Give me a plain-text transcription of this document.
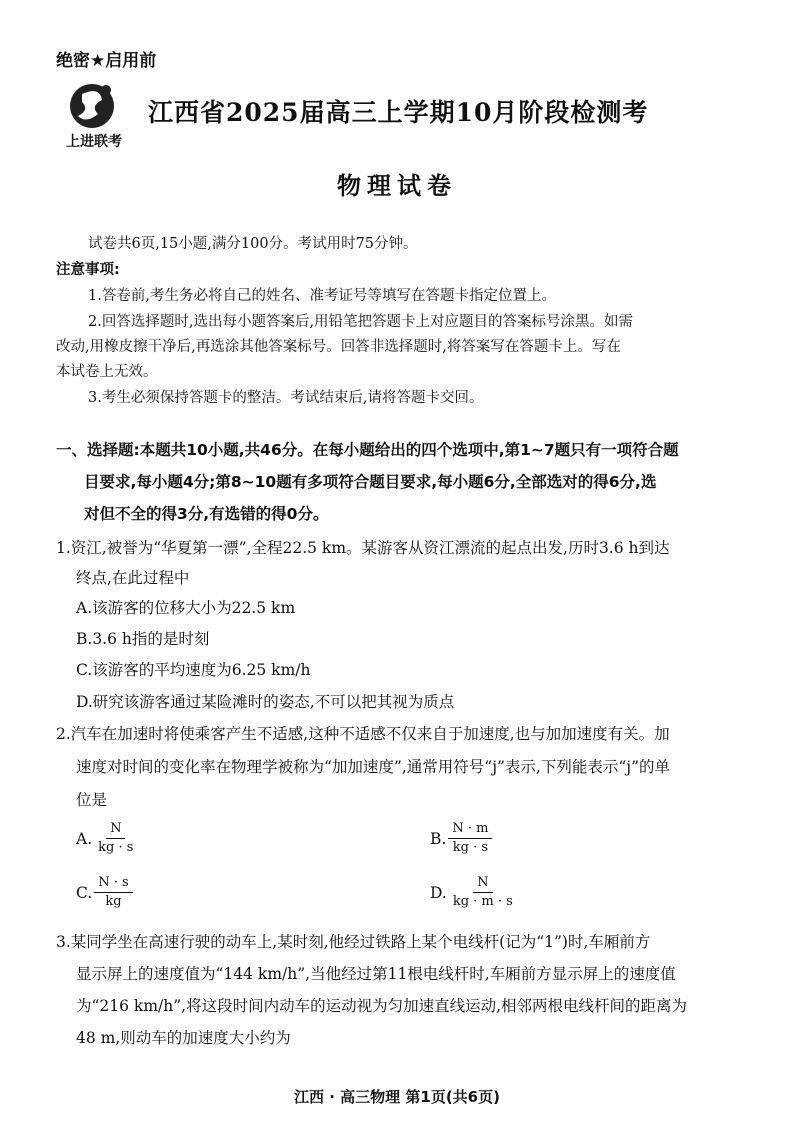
绝密★启用前
上进联考
江西省2025届高三上学期10月阶段检测考
物理试卷
试卷共6页,15小题,满分100分。考试用时75分钟。
注意事项:
1.答卷前,考生务必将自己的姓名、准考证号等填写在答题卡指定位置上。
2.回答选择题时,选出每小题答案后,用铅笔把答题卡上对应题目的答案标号涂黑。如需
改动,用橡皮擦干净后,再选涂其他答案标号。回答非选择题时,将答案写在答题卡上。写在
本试卷上无效。
3.考生必须保持答题卡的整洁。考试结束后,请将答题卡交回。
一、选择题:本题共10小题,共46分。在每小题给出的四个选项中,第1~7题只有一项符合题
目要求,每小题4分;第8~10题有多项符合题目要求,每小题6分,全部选对的得6分,选
对但不全的得3分,有选错的得0分。
1.资江,被誉为“华夏第一漂”,全程22.5 km。某游客从资江漂流的起点出发,历时3.6 h到达
终点,在此过程中
A.该游客的位移大小为22.5 km
B.3.6 h指的是时刻
C.该游客的平均速度为6.25 km/h
D.研究该游客通过某险滩时的姿态,不可以把其视为质点
2.汽车在加速时将使乘客产生不适感,这种不适感不仅来自于加速度,也与加加速度有关。加
速度对时间的变化率在物理学被称为“加加速度”,通常用符号“j”表示,下列能表示“j”的单
位是
A. $\frac{N}{kg \cdot s}$	B. $\frac{N \cdot m}{kg \cdot s}$
C. $\frac{N \cdot s}{kg}$	D. $\frac{N}{kg \cdot m \cdot s}$
3.某同学坐在高速行驶的动车上,某时刻,他经过铁路上某个电线杆(记为“1”)时,车厢前方
显示屏上的速度值为“144 km/h”,当他经过第11根电线杆时,车厢前方显示屏上的速度值
为“216 km/h”,将这段时间内动车的运动视为匀加速直线运动,相邻两根电线杆间的距离为
48 m,则动车的加速度大小约为
江西 · 高三物理 第1页(共6页)
